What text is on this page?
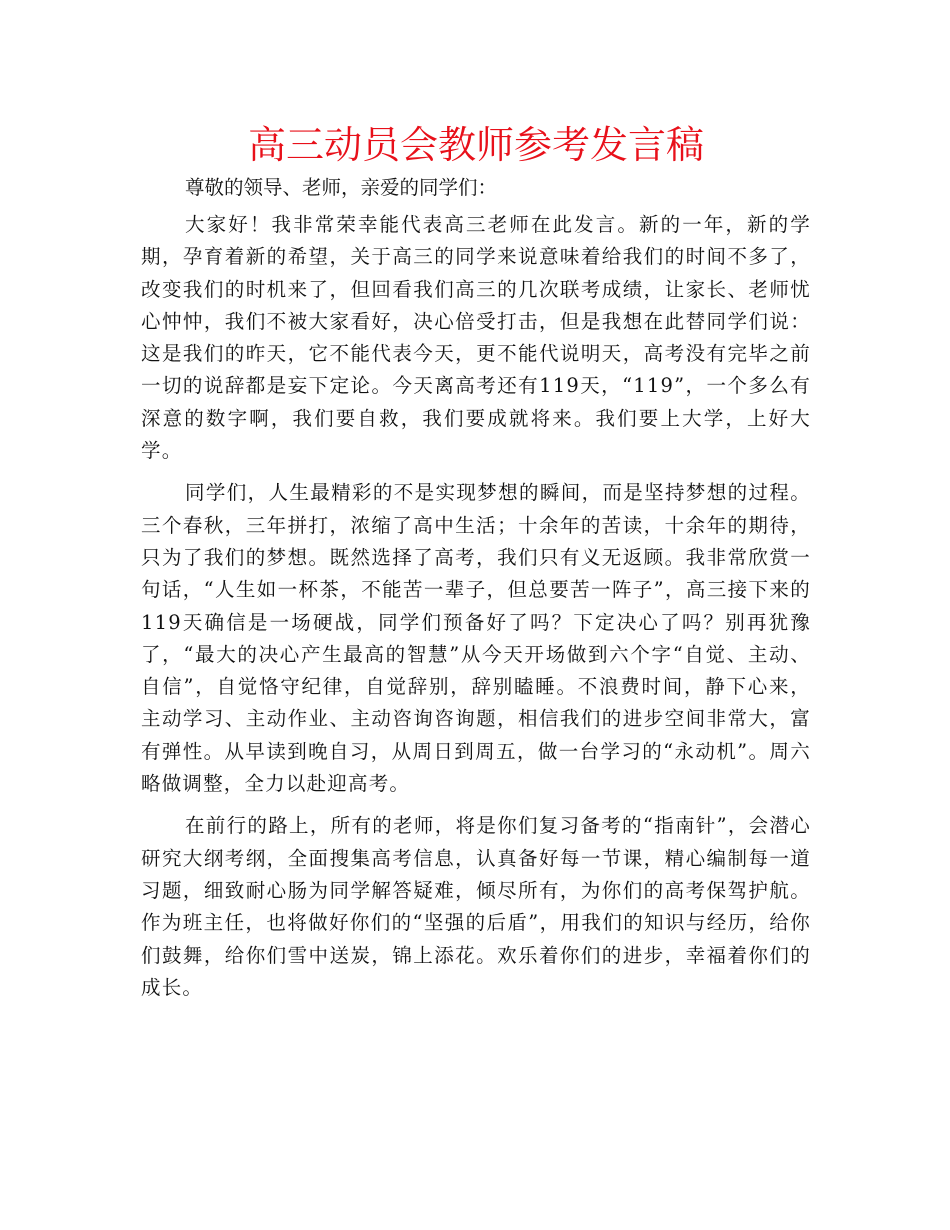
高三动员会教师参考发言稿

尊敬的领导、老师，亲爱的同学们：

大家好！我非常荣幸能代表高三老师在此发言。新的一年，新的学期，孕育着新的希望，关于高三的同学来说意味着给我们的时间不多了，改变我们的时机来了，但回看我们高三的几次联考成绩，让家长、老师忧心忡忡，我们不被大家看好，决心倍受打击，但是我想在此替同学们说：这是我们的昨天，它不能代表今天，更不能代说明天，高考没有完毕之前一切的说辞都是妄下定论。今天离高考还有119天，“119”，一个多么有深意的数字啊，我们要自救，我们要成就将来。我们要上大学，上好大学。

同学们，人生最精彩的不是实现梦想的瞬间，而是坚持梦想的过程。三个春秋，三年拼打，浓缩了高中生活；十余年的苦读，十余年的期待，只为了我们的梦想。既然选择了高考，我们只有义无返顾。我非常欣赏一句话，“人生如一杯茶，不能苦一辈子，但总要苦一阵子”，高三接下来的119天确信是一场硬战，同学们预备好了吗？下定决心了吗？别再犹豫了，“最大的决心产生最高的智慧”从今天开场做到六个字“自觉、主动、自信”，自觉恪守纪律，自觉辞别，辞别瞌睡。不浪费时间，静下心来，主动学习、主动作业、主动咨询咨询题，相信我们的进步空间非常大，富有弹性。从早读到晚自习，从周日到周五，做一台学习的“永动机”。周六略做调整，全力以赴迎高考。

在前行的路上，所有的老师，将是你们复习备考的“指南针”，会潜心研究大纲考纲，全面搜集高考信息，认真备好每一节课，精心编制每一道习题，细致耐心肠为同学解答疑难，倾尽所有，为你们的高考保驾护航。作为班主任，也将做好你们的“坚强的后盾”，用我们的知识与经历，给你们鼓舞，给你们雪中送炭，锦上添花。欢乐着你们的进步，幸福着你们的成长。
